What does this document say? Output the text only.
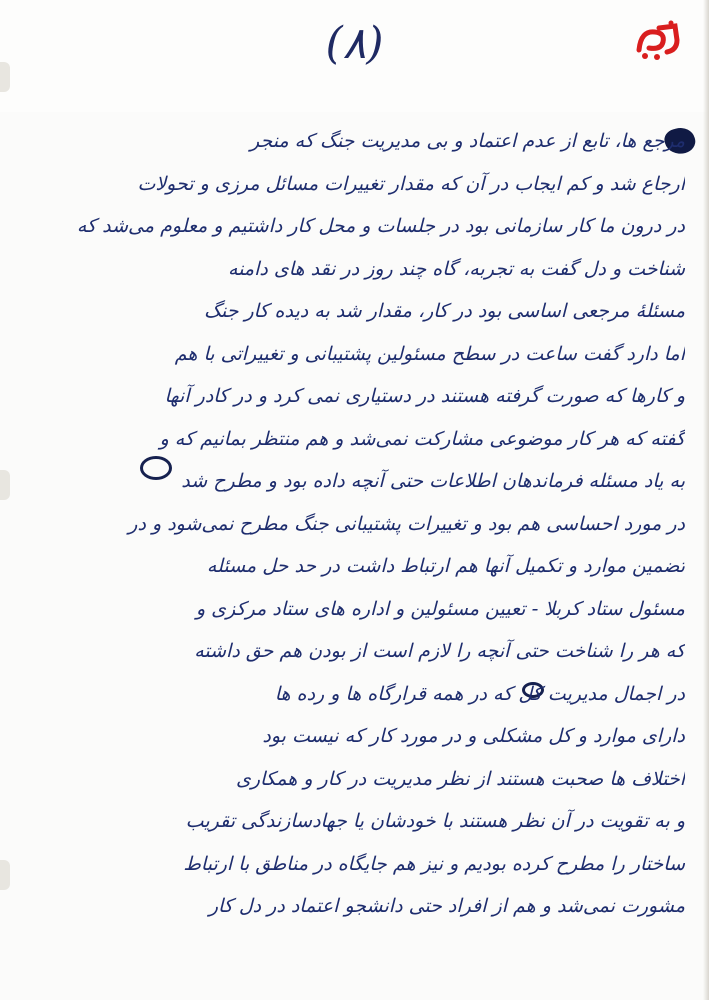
(۸)
مرجع ها، تابع از عدم اعتماد و بی مدیریت جنگ که منجر
ارجاع شد و کم ایجاب در آن که مقدار تغییرات مسائل مرزی و تحولات
در درون ما کار سازمانی بود در جلسات و محل کار داشتیم و معلوم می‌شد که
شناخت و دل گفت به تجربه، گاه چند روز در نقد های دامنه
مسئلهٔ مرجعی اساسی بود در کار، مقدار شد به دیده کار جنگ
اما دارد گفت ساعت در سطح مسئولین پشتیبانی و تغییراتی با هم
و کارها که صورت گرفته هستند در دستیاری نمی کرد و در کادر آنها
گفته که هر کار موضوعی مشارکت نمی‌شد و هم منتظر بمانیم که و
به یاد مسئله فرماندهان اطلاعات حتی آنچه داده بود و مطرح شد
در مورد احساسی هم بود و تغییرات پشتیبانی جنگ مطرح نمی‌شود و در
تضمین موارد و تکمیل آنها هم ارتباط داشت در حد حل مسئله
مسئول ستاد کربلا - تعیین مسئولین و اداره های ستاد مرکزی و
که هر را شناخت حتی آنچه را لازم است از بودن هم حق داشته
در اجمال مدیریت کل که در همه قرارگاه ها و رده ها
دارای موارد و کل مشکلی و در مورد کار که نیست بود
اختلاف ها صحبت هستند از نظر مدیریت در کار و همکاری
و به تقویت در آن نظر هستند با خودشان یا جهادسازندگی تقریب
ساختار را مطرح کرده بودیم و نیز هم جایگاه در مناطق با ارتباط
مشورت نمی‌شد و هم از افراد حتی دانشجو اعتماد در دل کار
